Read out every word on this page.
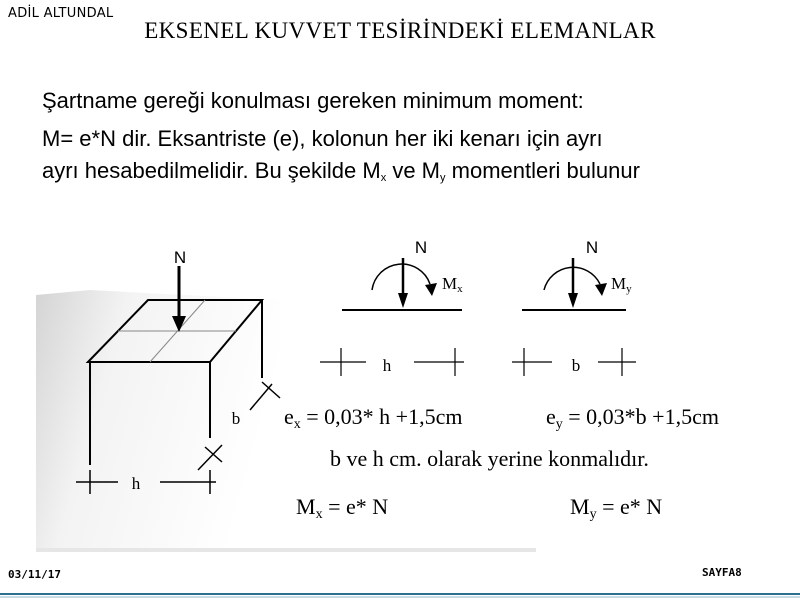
ADİL ALTUNDAL
EKSENEL KUVVET TESİRİNDEKİ ELEMANLAR
Şartname gereği konulması gereken minimum moment:
M= e*N dir. Eksantriste (e), kolonun her iki kenarı için ayrı
ayrı hesabedilmelidir. Bu şekilde $M_x$ ve $M_y$ momentleri bulunur
N
h
b
N
Mx
h
N
My
b
$e_x = 0,03*$ h +1,5cm	$e_y = 0,03*b +1,5cm$
b ve h cm. olarak yerine konmalıdır.
$M_x = e*$ N	$M_y = e*$ N
03/11/17	SAYFA8
